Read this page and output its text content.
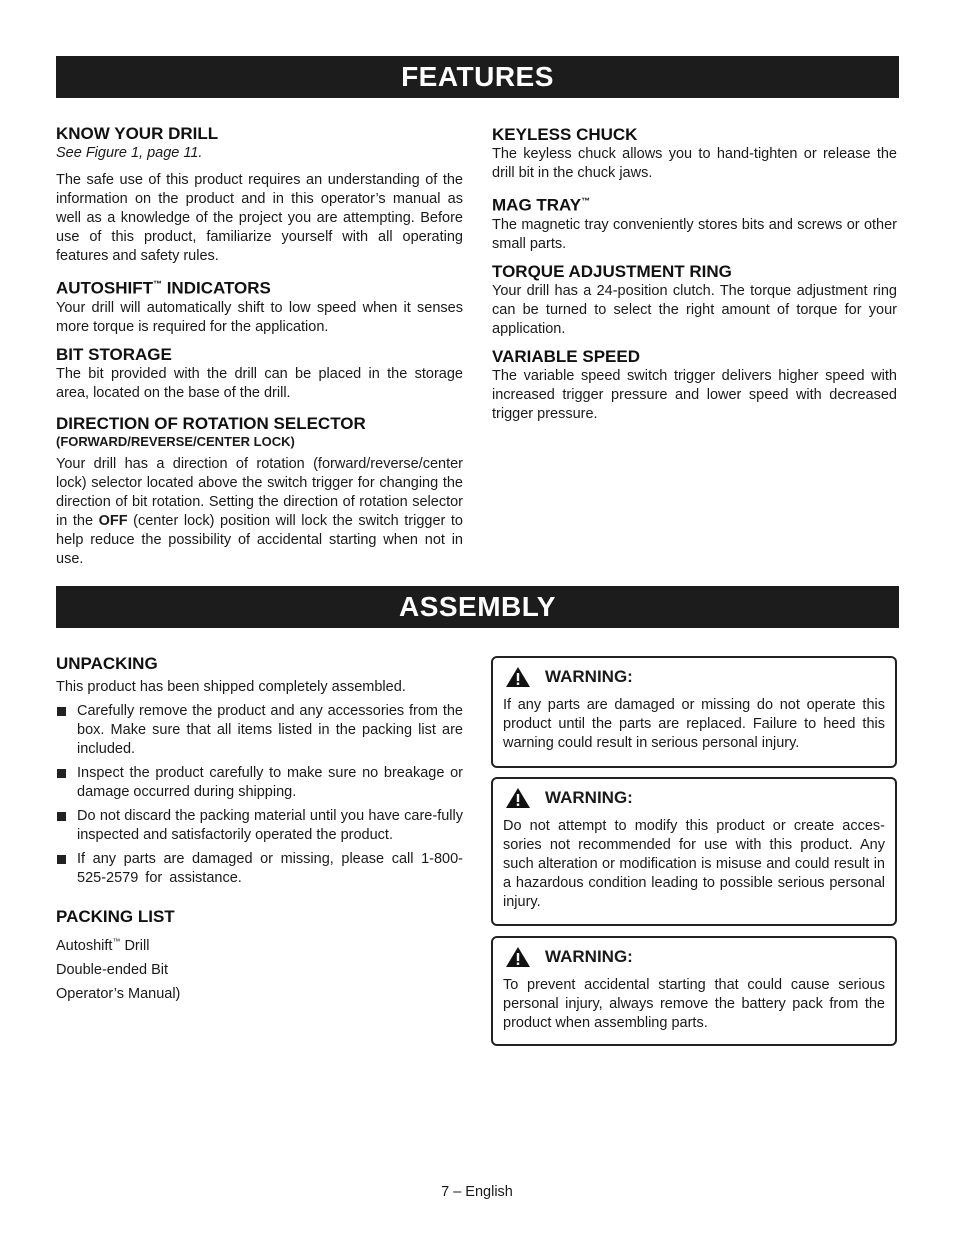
FEATURES

KNOW YOUR DRILL

See Figure 1, page 11.

The safe use of this product requires an understanding of the information on the product and in this operator’s manual as well as a knowledge of the project you are attempting. Before use of this product, familiarize yourself with all operating features and safety rules.

AUTOSHIFT™ INDICATORS

Your drill will automatically shift to low speed when it senses more torque is required for the application.

BIT STORAGE

The bit provided with the drill can be placed in the storage area, located on the base of the drill.

DIRECTION OF ROTATION SELECTOR

(FORWARD/REVERSE/CENTER LOCK)

Your drill has a direction of rotation (forward/reverse/center lock) selector located above the switch trigger for changing the direction of bit rotation. Setting the direction of rotation selector in the OFF (center lock) position will lock the switch trigger to help reduce the possibility of accidental starting when not in use.

KEYLESS CHUCK

The keyless chuck allows you to hand-tighten or release the drill bit in the chuck jaws.

MAG TRAY™

The magnetic tray conveniently stores bits and screws or other small parts.

TORQUE ADJUSTMENT RING

Your drill has a 24-position clutch. The torque adjustment ring can be turned to select the right amount of torque for your application.

VARIABLE SPEED

The variable speed switch trigger delivers higher speed with increased trigger pressure and lower speed with decreased trigger pressure.

ASSEMBLY

UNPACKING

This product has been shipped completely assembled.

Carefully remove the product and any accessories from the box. Make sure that all items listed in the packing list are included.
Inspect the product carefully to make sure no breakage or damage occurred during shipping.
Do not discard the packing material until you have care-fully inspected and satisfactorily operated the product.
If any parts are damaged or missing, please call 1-800-525-2579 for assistance.

PACKING LIST

Autoshift™ Drill
Double-ended Bit
Operator’s Manual)
WARNING:

If any parts are damaged or missing do not operate this product until the parts are replaced. Failure to heed this warning could result in serious personal injury.

WARNING:

Do not attempt to modify this product or create acces-sories not recommended for use with this product. Any such alteration or modification is misuse and could result in a hazardous condition leading to possible serious personal injury.

WARNING:

To prevent accidental starting that could cause serious personal injury, always remove the battery pack from the product when assembling parts.

7 – English
